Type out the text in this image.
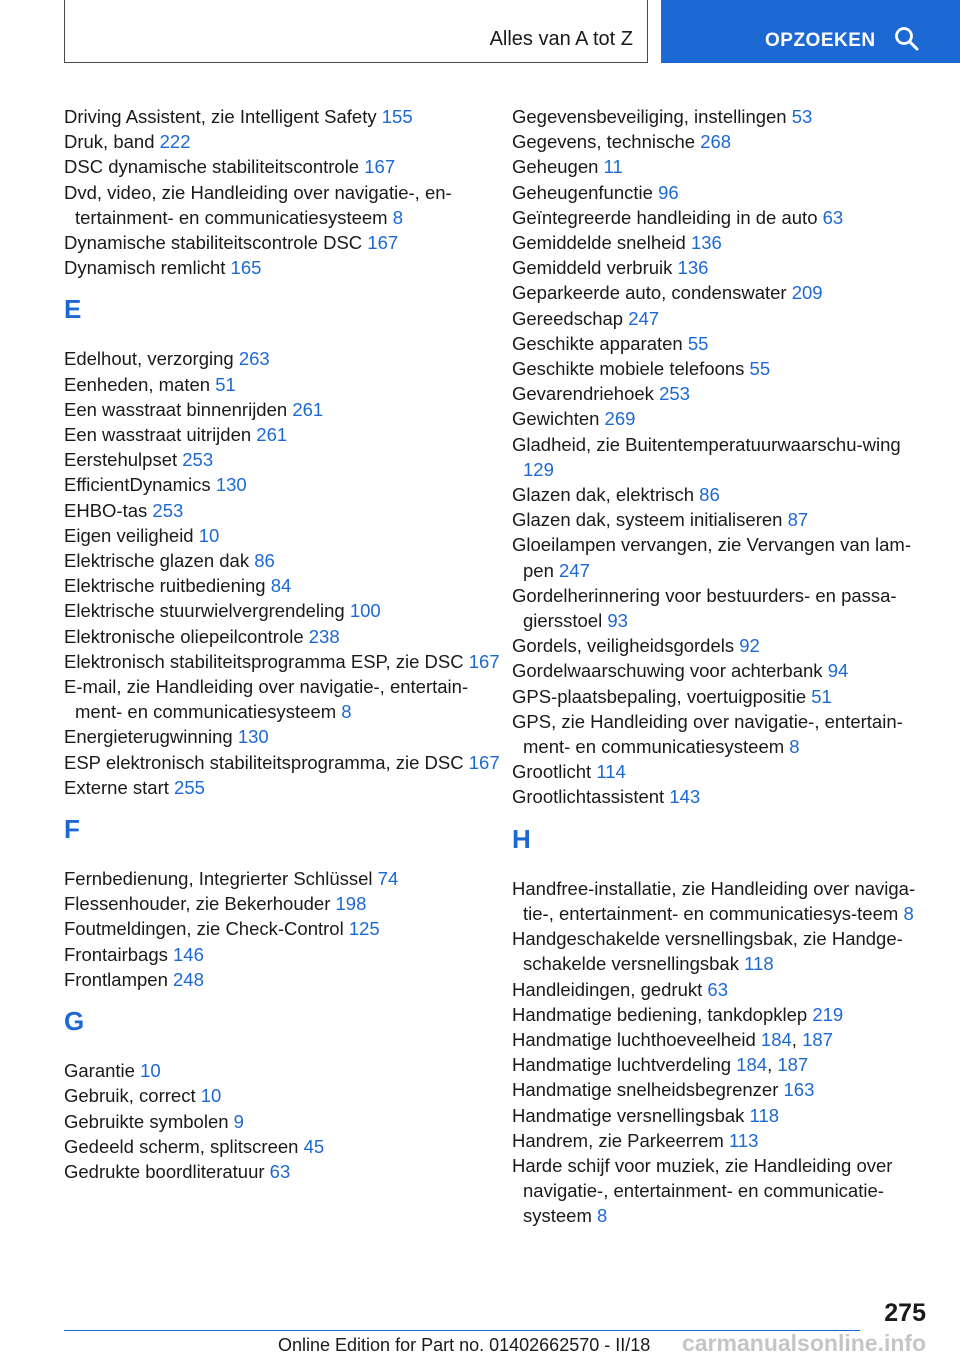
Alles van A tot Z	OPZOEKEN
Driving Assistent, zie Intelligent Safety 155
Druk, band 222
DSC dynamische stabiliteitscontrole 167
Dvd, video, zie Handleiding over navigatie-, en-tertainment- en communicatiesysteem 8
Dynamische stabiliteitscontrole DSC 167
Dynamisch remlicht 165
E
Edelhout, verzorging 263
Eenheden, maten 51
Een wasstraat binnenrijden 261
Een wasstraat uitrijden 261
Eerstehulpset 253
EfficientDynamics 130
EHBO-tas 253
Eigen veiligheid 10
Elektrische glazen dak 86
Elektrische ruitbediening 84
Elektrische stuurwielvergrendeling 100
Elektronische oliepeilcontrole 238
Elektronisch stabiliteitsprogramma ESP, zie DSC 167
E-mail, zie Handleiding over navigatie-, entertain-ment- en communicatiesysteem 8
Energieterugwinning 130
ESP elektronisch stabiliteitsprogramma, zie DSC 167
Externe start 255
F
Fernbedienung, Integrierter Schlüssel 74
Flessenhouder, zie Bekerhouder 198
Foutmeldingen, zie Check-Control 125
Frontairbags 146
Frontlampen 248
G
Garantie 10
Gebruik, correct 10
Gebruikte symbolen 9
Gedeeld scherm, splitscreen 45
Gedrukte boordliteratuur 63
Gegevensbeveiliging, instellingen 53
Gegevens, technische 268
Geheugen 11
Geheugenfunctie 96
Geïntegreerde handleiding in de auto 63
Gemiddelde snelheid 136
Gemiddeld verbruik 136
Geparkeerde auto, condenswater 209
Gereedschap 247
Geschikte apparaten 55
Geschikte mobiele telefoons 55
Gevarendriehoek 253
Gewichten 269
Gladheid, zie Buitentemperatuurwaarschu-wing 129
Glazen dak, elektrisch 86
Glazen dak, systeem initialiseren 87
Gloeilampen vervangen, zie Vervangen van lam-pen 247
Gordelherinnering voor bestuurders- en passa-giersstoel 93
Gordels, veiligheidsgordels 92
Gordelwaarschuwing voor achterbank 94
GPS-plaatsbepaling, voertuigpositie 51
GPS, zie Handleiding over navigatie-, entertain-ment- en communicatiesysteem 8
Grootlicht 114
Grootlichtassistent 143
H
Handfree-installatie, zie Handleiding over naviga-tie-, entertainment- en communicatiesys-teem 8
Handgeschakelde versnellingsbak, zie Handge-schakelde versnellingsbak 118
Handleidingen, gedrukt 63
Handmatige bediening, tankdopklep 219
Handmatige luchthoeveelheid 184, 187
Handmatige luchtverdeling 184, 187
Handmatige snelheidsbegrenzer 163
Handmatige versnellingsbak 118
Handrem, zie Parkeerrem 113
Harde schijf voor muziek, zie Handleiding over navigatie-, entertainment- en communicatie-systeem 8
275
Online Edition for Part no. 01402662570 - II/18 carmanualsonline.info
